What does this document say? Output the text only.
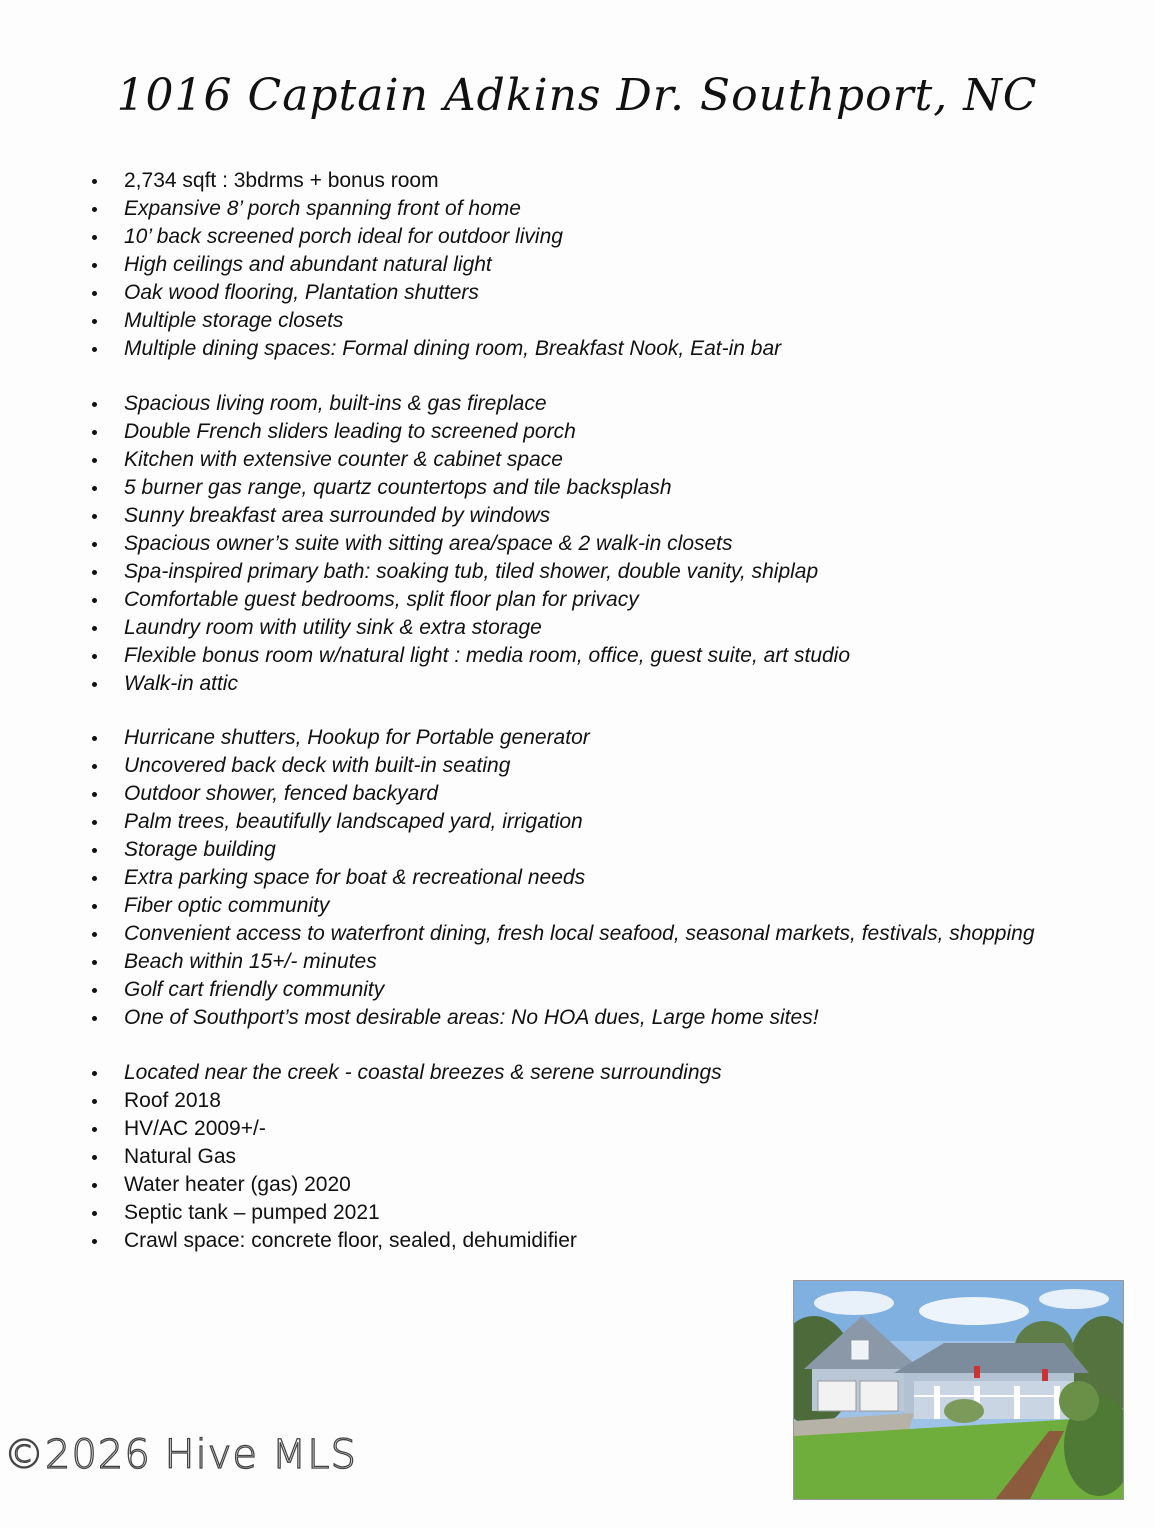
1016 Captain Adkins Dr. Southport, NC
2,734 sqft : 3bdrms + bonus room
Expansive 8’ porch spanning front of home
10’ back screened porch ideal for outdoor living
High ceilings and abundant natural light
Oak wood flooring, Plantation shutters
Multiple storage closets
Multiple dining spaces: Formal dining room, Breakfast Nook, Eat-in bar
Spacious living room, built-ins & gas fireplace
Double French sliders leading to screened porch
Kitchen with extensive counter & cabinet space
5 burner gas range, quartz countertops and tile backsplash
Sunny breakfast area surrounded by windows
Spacious owner’s suite with sitting area/space & 2 walk-in closets
Spa-inspired primary bath: soaking tub, tiled shower, double vanity, shiplap
Comfortable guest bedrooms, split floor plan for privacy
Laundry room with utility sink & extra storage
Flexible bonus room w/natural light : media room, office, guest suite, art studio
Walk-in attic
Hurricane shutters, Hookup for Portable generator
Uncovered back deck with built-in seating
Outdoor shower, fenced backyard
Palm trees, beautifully landscaped yard, irrigation
Storage building
Extra parking space for boat & recreational needs
Fiber optic community
Convenient access to waterfront dining, fresh local seafood, seasonal markets, festivals, shopping
Beach within 15+/- minutes
Golf cart friendly community
One of Southport’s most desirable areas: No HOA dues, Large home sites!
Located near the creek - coastal breezes & serene surroundings
Roof 2018
HV/AC 2009+/-
Natural Gas
Water heater (gas) 2020
Septic tank – pumped 2021
Crawl space: concrete floor, sealed, dehumidifier
©2026 Hive MLS
